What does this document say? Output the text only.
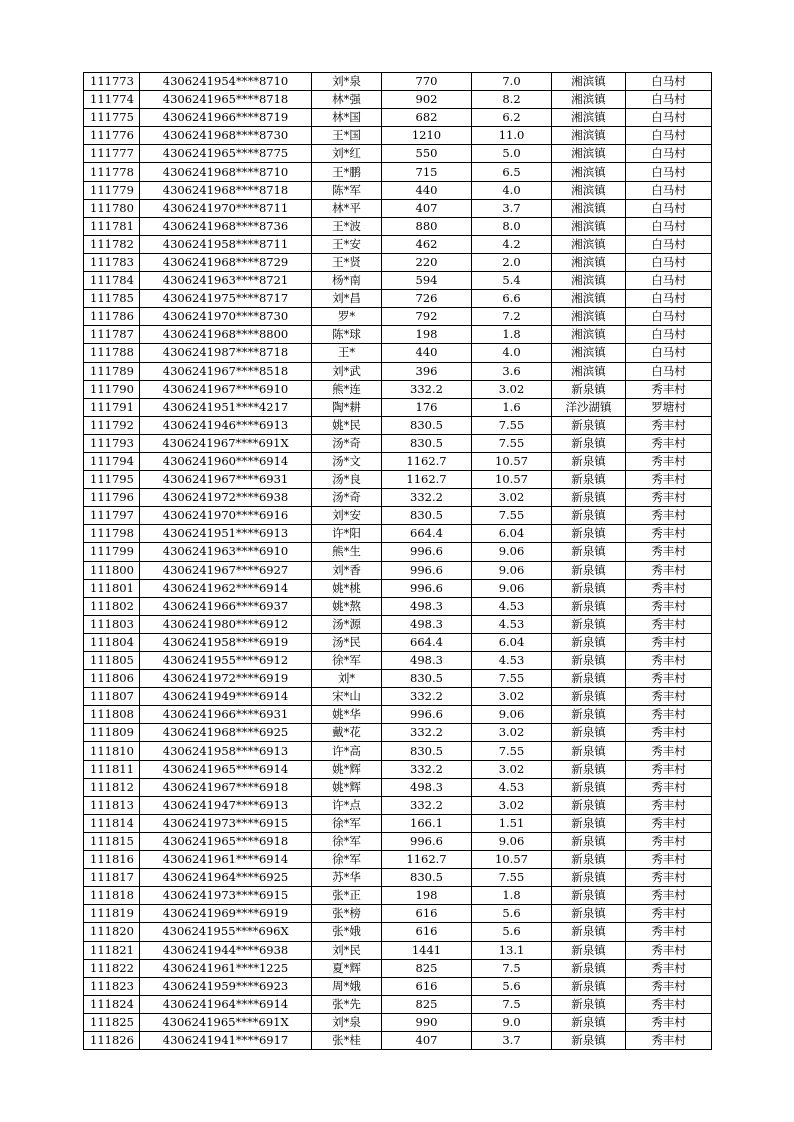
111773	4306241954****8710	刘*泉	770	7.0	湘滨镇	白马村
111774	4306241965****8718	林*强	902	8.2	湘滨镇	白马村
111775	4306241966****8719	林*国	682	6.2	湘滨镇	白马村
111776	4306241968****8730	王*国	1210	11.0	湘滨镇	白马村
111777	4306241965****8775	刘*红	550	5.0	湘滨镇	白马村
111778	4306241968****8710	王*鹏	715	6.5	湘滨镇	白马村
111779	4306241968****8718	陈*军	440	4.0	湘滨镇	白马村
111780	4306241970****8711	林*平	407	3.7	湘滨镇	白马村
111781	4306241968****8736	王*波	880	8.0	湘滨镇	白马村
111782	4306241958****8711	王*安	462	4.2	湘滨镇	白马村
111783	4306241968****8729	王*贤	220	2.0	湘滨镇	白马村
111784	4306241963****8721	杨*南	594	5.4	湘滨镇	白马村
111785	4306241975****8717	刘*昌	726	6.6	湘滨镇	白马村
111786	4306241970****8730	罗*	792	7.2	湘滨镇	白马村
111787	4306241968****8800	陈*球	198	1.8	湘滨镇	白马村
111788	4306241987****8718	王*	440	4.0	湘滨镇	白马村
111789	4306241967****8518	刘*武	396	3.6	湘滨镇	白马村
111790	4306241967****6910	熊*连	332.2	3.02	新泉镇	秀丰村
111791	4306241951****4217	陶*耕	176	1.6	洋沙湖镇	罗塘村
111792	4306241946****6913	姚*民	830.5	7.55	新泉镇	秀丰村
111793	4306241967****691X	汤*奇	830.5	7.55	新泉镇	秀丰村
111794	4306241960****6914	汤*文	1162.7	10.57	新泉镇	秀丰村
111795	4306241967****6931	汤*良	1162.7	10.57	新泉镇	秀丰村
111796	4306241972****6938	汤*奇	332.2	3.02	新泉镇	秀丰村
111797	4306241970****6916	刘*安	830.5	7.55	新泉镇	秀丰村
111798	4306241951****6913	许*阳	664.4	6.04	新泉镇	秀丰村
111799	4306241963****6910	熊*生	996.6	9.06	新泉镇	秀丰村
111800	4306241967****6927	刘*香	996.6	9.06	新泉镇	秀丰村
111801	4306241962****6914	姚*桃	996.6	9.06	新泉镇	秀丰村
111802	4306241966****6937	姚*熬	498.3	4.53	新泉镇	秀丰村
111803	4306241980****6912	汤*源	498.3	4.53	新泉镇	秀丰村
111804	4306241958****6919	汤*民	664.4	6.04	新泉镇	秀丰村
111805	4306241955****6912	徐*军	498.3	4.53	新泉镇	秀丰村
111806	4306241972****6919	刘*	830.5	7.55	新泉镇	秀丰村
111807	4306241949****6914	宋*山	332.2	3.02	新泉镇	秀丰村
111808	4306241966****6931	姚*华	996.6	9.06	新泉镇	秀丰村
111809	4306241968****6925	戴*花	332.2	3.02	新泉镇	秀丰村
111810	4306241958****6913	许*高	830.5	7.55	新泉镇	秀丰村
111811	4306241965****6914	姚*辉	332.2	3.02	新泉镇	秀丰村
111812	4306241967****6918	姚*辉	498.3	4.53	新泉镇	秀丰村
111813	4306241947****6913	许*点	332.2	3.02	新泉镇	秀丰村
111814	4306241973****6915	徐*军	166.1	1.51	新泉镇	秀丰村
111815	4306241965****6918	徐*军	996.6	9.06	新泉镇	秀丰村
111816	4306241961****6914	徐*军	1162.7	10.57	新泉镇	秀丰村
111817	4306241964****6925	苏*华	830.5	7.55	新泉镇	秀丰村
111818	4306241973****6915	张*正	198	1.8	新泉镇	秀丰村
111819	4306241969****6919	张*榜	616	5.6	新泉镇	秀丰村
111820	4306241955****696X	张*娥	616	5.6	新泉镇	秀丰村
111821	4306241944****6938	刘*民	1441	13.1	新泉镇	秀丰村
111822	4306241961****1225	夏*辉	825	7.5	新泉镇	秀丰村
111823	4306241959****6923	周*娥	616	5.6	新泉镇	秀丰村
111824	4306241964****6914	张*先	825	7.5	新泉镇	秀丰村
111825	4306241965****691X	刘*泉	990	9.0	新泉镇	秀丰村
111826	4306241941****6917	张*桂	407	3.7	新泉镇	秀丰村
